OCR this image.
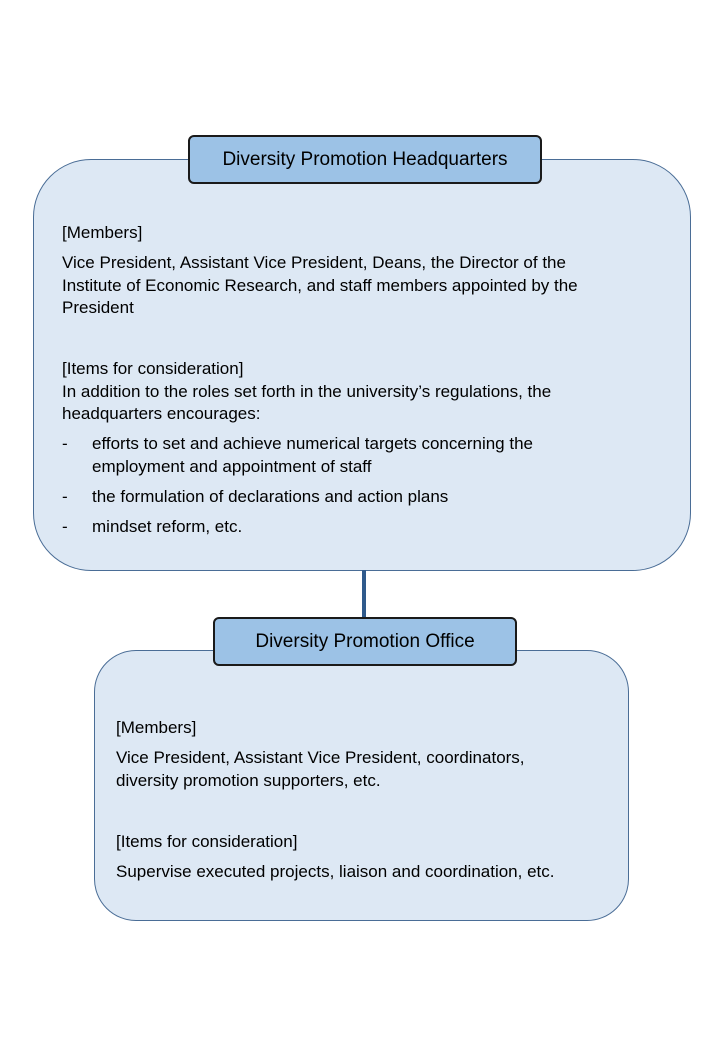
Diversity Promotion Headquarters
[Members]
Vice President, Assistant Vice President, Deans, the Director of the
Institute of Economic Research, and staff members appointed by the
President
[Items for consideration]
In addition to the roles set forth in the university’s regulations, the
headquarters encourages:
- efforts to set and achieve numerical targets concerning the
employment and appointment of staff
- the formulation of declarations and action plans
- mindset reform, etc.
Diversity Promotion Office
[Members]
Vice President, Assistant Vice President, coordinators,
diversity promotion supporters, etc.
[Items for consideration]
Supervise executed projects, liaison and coordination, etc.
